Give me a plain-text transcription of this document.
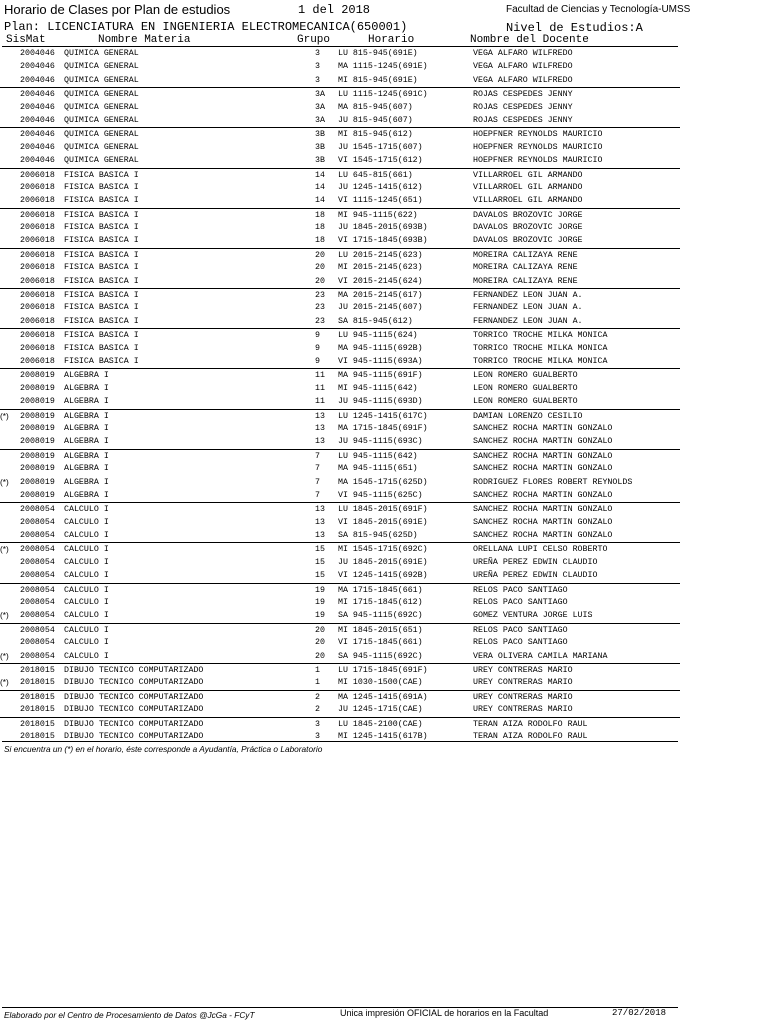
Horario de Clases por Plan de estudios	1 del 2018	Facultad de Ciencias y Tecnología-UMSS
Plan: LICENCIATURA EN INGENIERIA ELECTROMECANICA(650001)	Nivel de Estudios:A
SisMat	Nombre Materia	Grupo	Horario	Nombre del Docente
2004046 QUIMICA GENERAL	3 LU 815-945(691E)	VEGA ALFARO WILFREDO
2004046 QUIMICA GENERAL	3 MA 1115-1245(691E)	VEGA ALFARO WILFREDO
2004046 QUIMICA GENERAL	3 MI 815-945(691E)	VEGA ALFARO WILFREDO
2004046 QUIMICA GENERAL	3A LU 1115-1245(691C)	ROJAS CESPEDES JENNY
2004046 QUIMICA GENERAL	3A MA 815-945(607)	ROJAS CESPEDES JENNY
2004046 QUIMICA GENERAL	3A JU 815-945(607)	ROJAS CESPEDES JENNY
2004046 QUIMICA GENERAL	3B MI 815-945(612)	HOEPFNER REYNOLDS MAURICIO
2004046 QUIMICA GENERAL	3B JU 1545-1715(607)	HOEPFNER REYNOLDS MAURICIO
2004046 QUIMICA GENERAL	3B VI 1545-1715(612)	HOEPFNER REYNOLDS MAURICIO
2006018 FISICA BASICA I	14 LU 645-815(661)	VILLARROEL GIL ARMANDO
2006018 FISICA BASICA I	14 JU 1245-1415(612)	VILLARROEL GIL ARMANDO
2006018 FISICA BASICA I	14 VI 1115-1245(651)	VILLARROEL GIL ARMANDO
2006018 FISICA BASICA I	18 MI 945-1115(622)	DAVALOS BROZOVIC JORGE
2006018 FISICA BASICA I	18 JU 1845-2015(693B)	DAVALOS BROZOVIC JORGE
2006018 FISICA BASICA I	18 VI 1715-1845(693B)	DAVALOS BROZOVIC JORGE
2006018 FISICA BASICA I	20 LU 2015-2145(623)	MOREIRA CALIZAYA RENE
2006018 FISICA BASICA I	20 MI 2015-2145(623)	MOREIRA CALIZAYA RENE
2006018 FISICA BASICA I	20 VI 2015-2145(624)	MOREIRA CALIZAYA RENE
2006018 FISICA BASICA I	23 MA 2015-2145(617)	FERNANDEZ LEON JUAN A.
2006018 FISICA BASICA I	23 JU 2015-2145(607)	FERNANDEZ LEON JUAN A.
2006018 FISICA BASICA I	23 SA 815-945(612)	FERNANDEZ LEON JUAN A.
2006018 FISICA BASICA I	9 LU 945-1115(624)	TORRICO TROCHE MILKA MONICA
2006018 FISICA BASICA I	9 MA 945-1115(692B)	TORRICO TROCHE MILKA MONICA
2006018 FISICA BASICA I	9 VI 945-1115(693A)	TORRICO TROCHE MILKA MONICA
2008019 ALGEBRA I	11 MA 945-1115(691F)	LEON ROMERO GUALBERTO
2008019 ALGEBRA I	11 MI 945-1115(642)	LEON ROMERO GUALBERTO
2008019 ALGEBRA I	11 JU 945-1115(693D)	LEON ROMERO GUALBERTO
(*) 2008019 ALGEBRA I	13 LU 1245-1415(617C)	DAMIAN LORENZO CESILIO
2008019 ALGEBRA I	13 MA 1715-1845(691F)	SANCHEZ ROCHA MARTIN GONZALO
2008019 ALGEBRA I	13 JU 945-1115(693C)	SANCHEZ ROCHA MARTIN GONZALO
2008019 ALGEBRA I	7 LU 945-1115(642)	SANCHEZ ROCHA MARTIN GONZALO
2008019 ALGEBRA I	7 MA 945-1115(651)	SANCHEZ ROCHA MARTIN GONZALO
(*) 2008019 ALGEBRA I	7 MA 1545-1715(625D)	RODRIGUEZ FLORES ROBERT REYNOLDS
2008019 ALGEBRA I	7 VI 945-1115(625C)	SANCHEZ ROCHA MARTIN GONZALO
2008054 CALCULO I	13 LU 1845-2015(691F)	SANCHEZ ROCHA MARTIN GONZALO
2008054 CALCULO I	13 VI 1845-2015(691E)	SANCHEZ ROCHA MARTIN GONZALO
2008054 CALCULO I	13 SA 815-945(625D)	SANCHEZ ROCHA MARTIN GONZALO
(*) 2008054 CALCULO I	15 MI 1545-1715(692C)	ORELLANA LUPI CELSO ROBERTO
2008054 CALCULO I	15 JU 1845-2015(691E)	UREÑA PEREZ EDWIN CLAUDIO
2008054 CALCULO I	15 VI 1245-1415(692B)	UREÑA PEREZ EDWIN CLAUDIO
2008054 CALCULO I	19 MA 1715-1845(661)	RELOS PACO SANTIAGO
2008054 CALCULO I	19 MI 1715-1845(612)	RELOS PACO SANTIAGO
(*) 2008054 CALCULO I	19 SA 945-1115(692C)	GOMEZ VENTURA JORGE LUIS
2008054 CALCULO I	20 MI 1845-2015(651)	RELOS PACO SANTIAGO
2008054 CALCULO I	20 VI 1715-1845(661)	RELOS PACO SANTIAGO
(*) 2008054 CALCULO I	20 SA 945-1115(692C)	VERA OLIVERA CAMILA MARIANA
2018015 DIBUJO TECNICO COMPUTARIZADO	1 LU 1715-1845(691F)	UREY CONTRERAS MARIO
(*) 2018015 DIBUJO TECNICO COMPUTARIZADO	1 MI 1030-1500(CAE)	UREY CONTRERAS MARIO
2018015 DIBUJO TECNICO COMPUTARIZADO	2 MA 1245-1415(691A)	UREY CONTRERAS MARIO
2018015 DIBUJO TECNICO COMPUTARIZADO	2 JU 1245-1715(CAE)	UREY CONTRERAS MARIO
2018015 DIBUJO TECNICO COMPUTARIZADO	3 LU 1845-2100(CAE)	TERAN AIZA RODOLFO RAUL
2018015 DIBUJO TECNICO COMPUTARIZADO	3 MI 1245-1415(617B)	TERAN AIZA RODOLFO RAUL
Si encuentra un (*) en el horario, éste corresponde a Ayudantía, Práctica o Laboratorio
Elaborado por el Centro de Procesamiento de Datos @JcGa - FCyT	Unica impresión OFICIAL de horarios en la Facultad	27/02/2018
